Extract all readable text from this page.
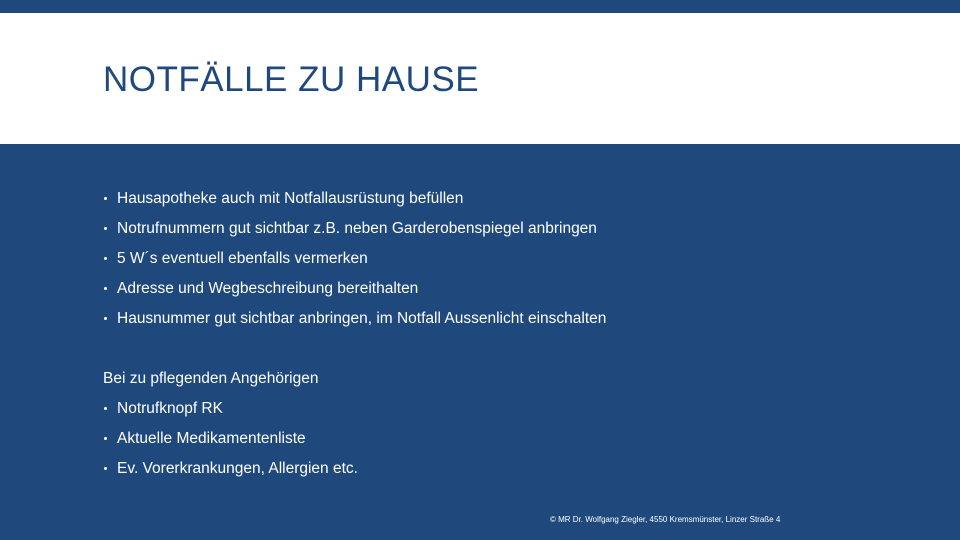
NOTFÄLLE ZU HAUSE
Hausapotheke auch mit Notfallausrüstung befüllen
Notrufnummern gut sichtbar z.B. neben Garderobenspiegel anbringen
5 W´s eventuell ebenfalls vermerken
Adresse und Wegbeschreibung bereithalten
Hausnummer gut sichtbar anbringen, im Notfall Aussenlicht einschalten
Bei zu pflegenden Angehörigen
Notrufknopf RK
Aktuelle Medikamentenliste
Ev. Vorerkrankungen, Allergien etc.
© MR Dr. Wolfgang Ziegler, 4550 Kremsmünster, Linzer Straße 4
